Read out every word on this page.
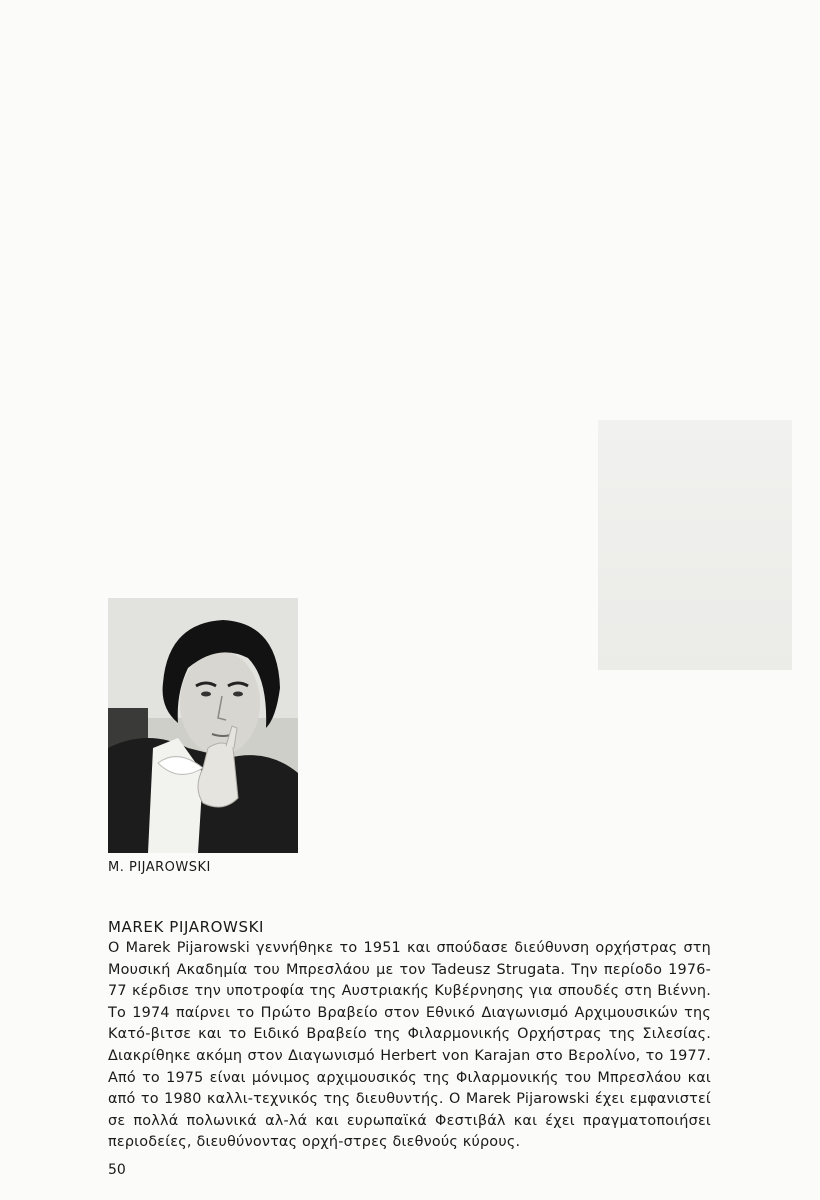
M. PIJAROWSKI
MAREK PIJAROWSKI

Ο Marek Pijarowski γεννήθηκε το 1951 και σπούδασε διεύθυνση ορχήστρας στη Μουσική Ακαδημία του Μπρεσλάου με τον Tadeusz Strugata. Την περίοδο 1976-77 κέρδισε την υποτροφία της Αυστριακής Κυβέρνησης για σπουδές στη Βιέννη. Το 1974 παίρνει το Πρώτο Βραβείο στον Εθνικό Διαγωνισμό Αρχιμουσικών της Κατό-βιτσε και το Ειδικό Βραβείο της Φιλαρμονικής Ορχήστρας της Σιλεσίας. Διακρίθηκε ακόμη στον Διαγωνισμό Herbert von Karajan στο Βερολίνο, το 1977. Από το 1975 είναι μόνιμος αρχιμουσικός της Φιλαρμονικής του Μπρεσλάου και από το 1980 καλλι-τεχνικός της διευθυντής. Ο Marek Pijarowski έχει εμφανιστεί σε πολλά πολωνικά αλ-λά και ευρωπαϊκά Φεστιβάλ και έχει πραγματοποιήσει περιοδείες, διευθύνοντας ορχή-στρες διεθνούς κύρους.

50
